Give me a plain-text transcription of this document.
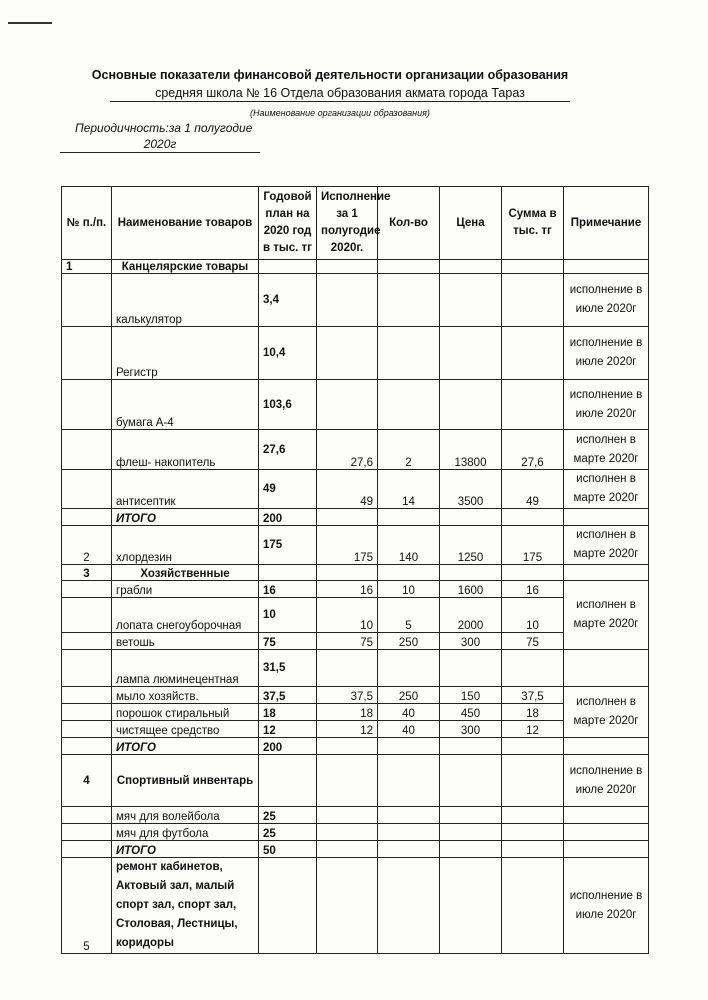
Основные показатели финансовой деятельности организации образования
средняя школа № 16 Отдела образования акмата города Тараз
(Наименование организации образования)
Периодичность:за 1 полугодие
2020г
№ п./п.	Наименование товаров	Годовой план на 2020 год в тыс. тг	Исполнение за 1 полугодие 2020г.	Кол-во	Цена	Сумма в тыс. тг	Примечание
1	Канцелярские товары						
	калькулятор	3,4					исполнение в июле 2020г
	Регистр	10,4					исполнение в июле 2020г
	бумага А-4	103,6					исполнение в июле 2020г
	флеш- накопитель	27,6	27,6	2	13800	27,6	исполнен в марте 2020г
	антисептик	49	49	14	3500	49	исполнен в марте 2020г
	ИТОГО	200					
2	хлордезин	175	175	140	1250	175	исполнен в марте 2020г
3	Хозяйственные						
	грабли	16	16	10	1600	16	исполнен в марте 2020г
	лопата снегоуборочная	10	10	5	2000	10	
	ветошь	75	75	250	300	75	
	лампа люминецентная	31,5					
	мыло хозяйств.	37,5	37,5	250	150	37,5	исполнен в марте 2020г
	порошок стиральный	18	18	40	450	18	
	чистящее средство	12	12	40	300	12	
	ИТОГО	200					
4	Спортивный инвентарь						исполнение в июле 2020г
	мяч для волейбола	25					
	мяч для футбола	25					
	ИТОГО	50					
5	ремонт кабинетов, Актовый зал, малый спорт зал, спорт зал, Столовая, Лестницы, коридоры						исполнение в июле 2020г
